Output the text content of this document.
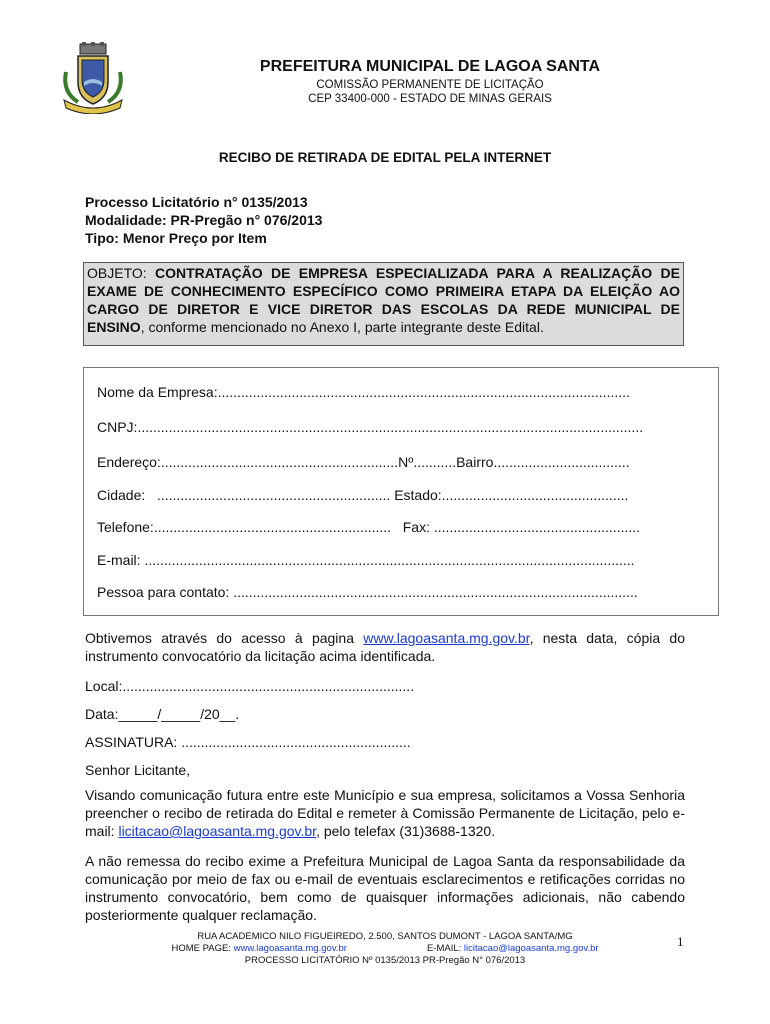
PREFEITURA MUNICIPAL DE LAGOA SANTA
COMISSÃO PERMANENTE DE LICITAÇÃO
CEP 33400-000 - ESTADO DE MINAS GERAIS
RECIBO DE RETIRADA DE EDITAL PELA INTERNET
Processo Licitatório n° 0135/2013
Modalidade: PR-Pregão n° 076/2013
Tipo: Menor Preço por Item
OBJETO: CONTRATAÇÃO DE EMPRESA ESPECIALIZADA PARA A REALIZAÇÃO DE EXAME DE CONHECIMENTO ESPECÍFICO COMO PRIMEIRA ETAPA DA ELEIÇÃO AO CARGO DE DIRETOR E VICE DIRETOR DAS ESCOLAS DA REDE MUNICIPAL DE ENSINO, conforme mencionado no Anexo I, parte integrante deste Edital.
Nome da Empresa:..........................................................................................................
CNPJ:..................................................................................................................................
Endereço:.............................................................Nº...........Bairro...................................
Cidade:   ............................................................ Estado:................................................
Telefone:.............................................................   Fax: .....................................................
E-mail: ..............................................................................................................................
Pessoa para contato: ........................................................................................................
Obtivemos através do acesso à pagina www.lagoasanta.mg.gov.br, nesta data, cópia do instrumento convocatório da licitação acima identificada.
Local:...........................................................................
Data:_____/_____/20__.
ASSINATURA: ...........................................................
Senhor Licitante,
Visando comunicação futura entre este Município e sua empresa, solicitamos a Vossa Senhoria preencher o recibo de retirada do Edital e remeter à Comissão Permanente de Licitação, pelo e-mail: licitacao@lagoasanta.mg.gov.br, pelo telefax (31)3688-1320.
A não remessa do recibo exime a Prefeitura Municipal de Lagoa Santa da responsabilidade da comunicação por meio de fax ou e-mail de eventuais esclarecimentos e retificações corridas no instrumento convocatório, bem como de quaisquer informações adicionais, não cabendo posteriormente qualquer reclamação.
RUA ACADEMICO NILO FIGUEIREDO, 2.500, SANTOS DUMONT - LAGOA SANTA/MG
HOME PAGE: www.lagoasanta.mg.gov.br	E-MAIL: licitacao@lagoasanta.mg.gov.br
PROCESSO LICITATÓRIO Nº 0135/2013 PR-Pregão N° 076/2013
1
